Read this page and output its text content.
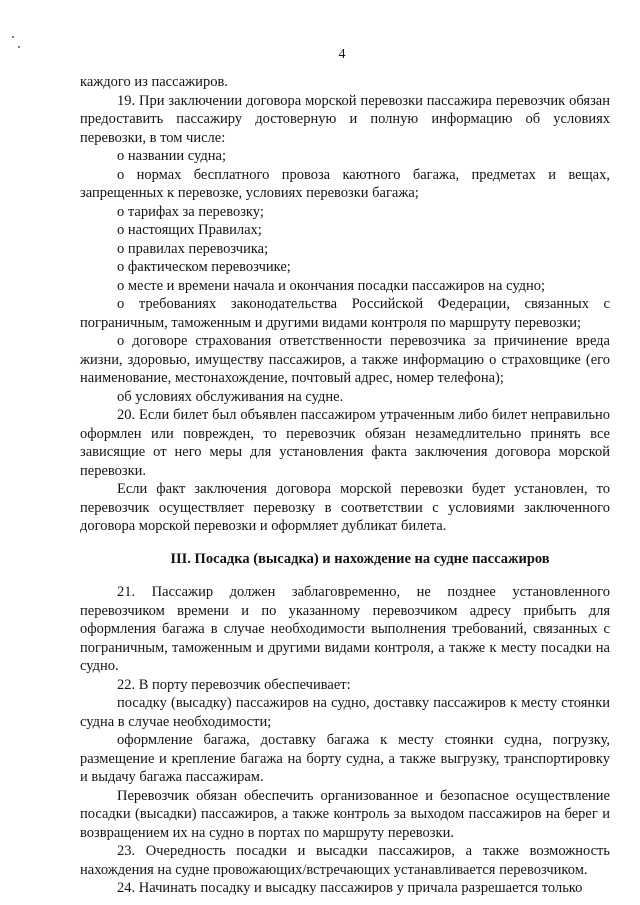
4

каждого из пассажиров.

19. При заключении договора морской перевозки пассажира перевозчик обязан предоставить пассажиру достоверную и полную информацию об условиях перевозки, в том числе:

о названии судна;

о нормах бесплатного провоза каютного багажа, предметах и вещах, запрещенных к перевозке, условиях перевозки багажа;

о тарифах за перевозку;

о настоящих Правилах;

о правилах перевозчика;

о фактическом перевозчике;

о месте и времени начала и окончания посадки пассажиров на судно;

о требованиях законодательства Российской Федерации, связанных с пограничным, таможенным и другими видами контроля по маршруту перевозки;

о договоре страхования ответственности перевозчика за причинение вреда жизни, здоровью, имуществу пассажиров, а также информацию о страховщике (его наименование, местонахождение, почтовый адрес, номер телефона);

об условиях обслуживания на судне.

20. Если билет был объявлен пассажиром утраченным либо билет неправильно оформлен или поврежден, то перевозчик обязан незамедлительно принять все зависящие от него меры для установления факта заключения договора морской перевозки.

Если факт заключения договора морской перевозки будет установлен, то перевозчик осуществляет перевозку в соответствии с условиями заключенного договора морской перевозки и оформляет дубликат билета.

III. Посадка (высадка) и нахождение на судне пассажиров

21. Пассажир должен заблаговременно, не позднее установленного перевозчиком времени и по указанному перевозчиком адресу прибыть для оформления багажа в случае необходимости выполнения требований, связанных с пограничным, таможенным и другими видами контроля, а также к месту посадки на судно.

22. В порту перевозчик обеспечивает:

посадку (высадку) пассажиров на судно, доставку пассажиров к месту стоянки судна в случае необходимости;

оформление багажа, доставку багажа к месту стоянки судна, погрузку, размещение и крепление багажа на борту судна, а также выгрузку, транспортировку и выдачу багажа пассажирам.

Перевозчик обязан обеспечить организованное и безопасное осуществление посадки (высадки) пассажиров, а также контроль за выходом пассажиров на берег и возвращением их на судно в портах по маршруту перевозки.

23. Очередность посадки и высадки пассажиров, а также возможность нахождения на судне провожающих/встречающих устанавливается перевозчиком.

24. Начинать посадку и высадку пассажиров у причала разрешается только
